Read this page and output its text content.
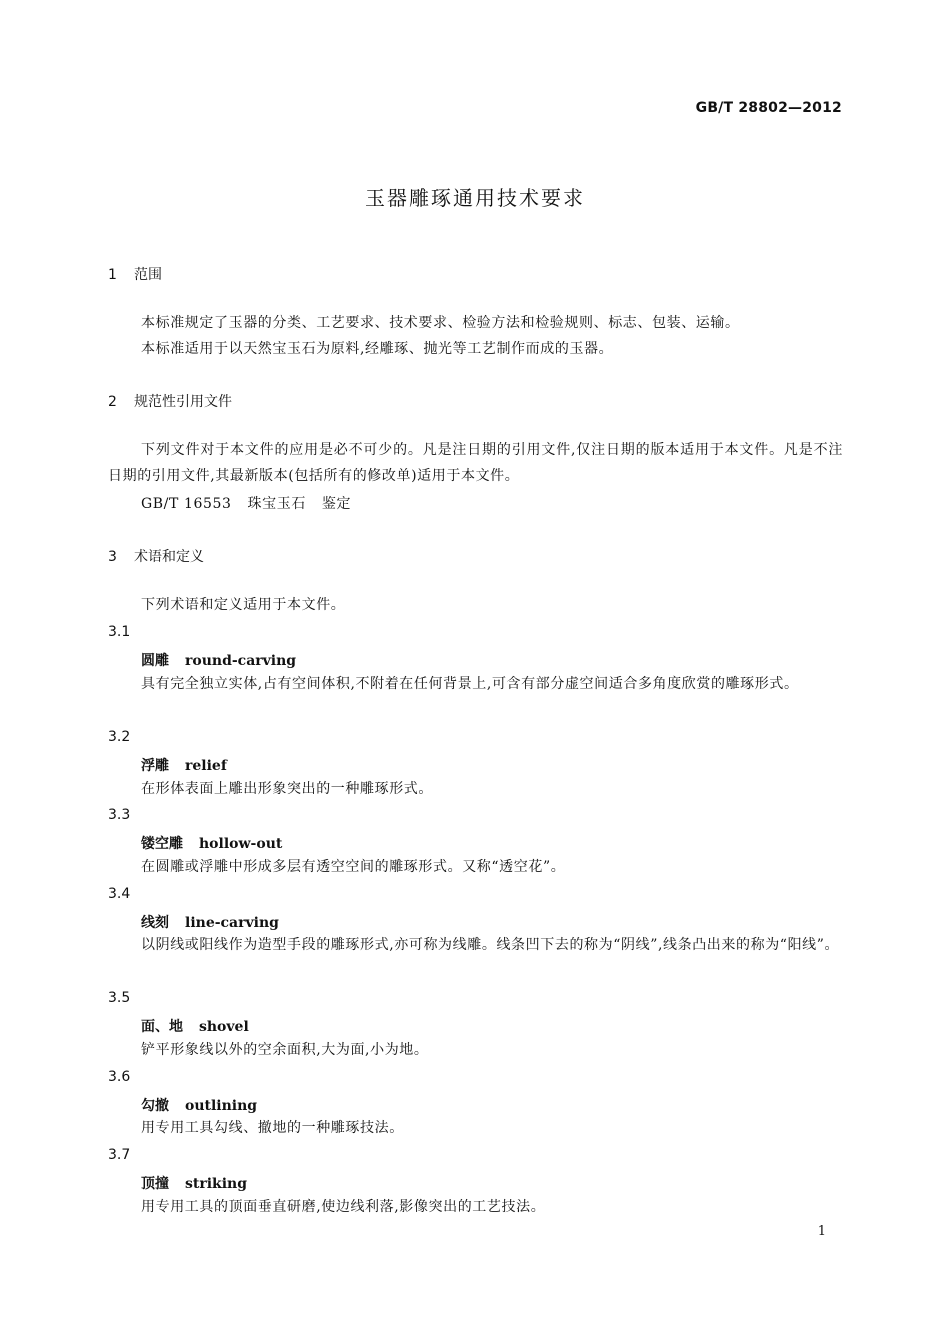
GB/T 28802—2012
玉器雕琢通用技术要求
1 范围
本标准规定了玉器的分类、工艺要求、技术要求、检验方法和检验规则、标志、包装、运输。
本标准适用于以天然宝玉石为原料,经雕琢、抛光等工艺制作而成的玉器。
2 规范性引用文件
下列文件对于本文件的应用是必不可少的。凡是注日期的引用文件,仅注日期的版本适用于本文件。凡是不注日期的引用文件,其最新版本(包括所有的修改单)适用于本文件。
GB/T 16553 珠宝玉石 鉴定
3 术语和定义
下列术语和定义适用于本文件。
3.1
圆雕 round-carving
具有完全独立实体,占有空间体积,不附着在任何背景上,可含有部分虚空间适合多角度欣赏的雕琢形式。
3.2
浮雕 relief
在形体表面上雕出形象突出的一种雕琢形式。
3.3
镂空雕 hollow-out
在圆雕或浮雕中形成多层有透空空间的雕琢形式。又称“透空花”。
3.4
线刻 line-carving
以阴线或阳线作为造型手段的雕琢形式,亦可称为线雕。线条凹下去的称为“阴线”,线条凸出来的称为“阳线”。
3.5
面、地 shovel
铲平形象线以外的空余面积,大为面,小为地。
3.6
勾撤 outlining
用专用工具勾线、撤地的一种雕琢技法。
3.7
顶撞 striking
用专用工具的顶面垂直研磨,使边线利落,影像突出的工艺技法。
1
